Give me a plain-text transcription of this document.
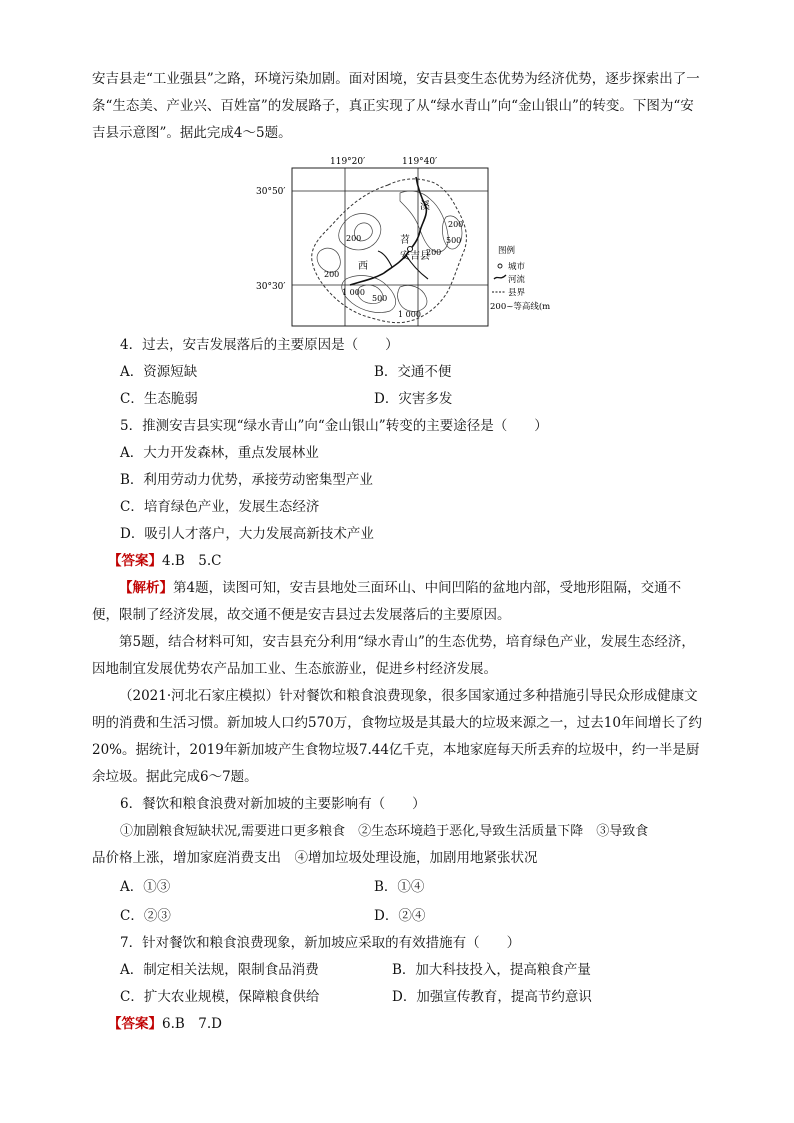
安吉县走“工业强县”之路，环境污染加剧。面对困境，安吉县变生态优势为经济优势，逐步探索出了一条“生态美、产业兴、百姓富”的发展路子，真正实现了从“绿水青山”向“金山银山”的转变。下图为“安吉县示意图”。据此完成4～5题。

119°20′	119°40′
30°50′
30°30′
溪
西
苕
安吉县
200
200
200
200
500
500
1 000
1 000
图例
城市
河流
县界
200~等高线(m)
4．过去，安吉发展落后的主要原因是（　　）
A．资源短缺	B．交通不便
C．生态脆弱	D．灾害多发
5．推测安吉县实现“绿水青山”向“金山银山”转变的主要途径是（　　）
A．大力开发森林，重点发展林业
B．利用劳动力优势，承接劳动密集型产业
C．培育绿色产业，发展生态经济
D．吸引人才落户，大力发展高新技术产业
【答案】4.B　5.C

【解析】第4题，读图可知，安吉县地处三面环山、中间凹陷的盆地内部，受地形阻隔，交通不便，限制了经济发展，故交通不便是安吉县过去发展落后的主要原因。

第5题，结合材料可知，安吉县充分利用“绿水青山”的生态优势，培育绿色产业，发展生态经济，因地制宜发展优势农产品加工业、生态旅游业，促进乡村经济发展。

（2021·河北石家庄模拟）针对餐饮和粮食浪费现象，很多国家通过多种措施引导民众形成健康文明的消费和生活习惯。新加坡人口约570万，食物垃圾是其最大的垃圾来源之一，过去10年间增长了约20%。据统计，2019年新加坡产生食物垃圾7.44亿千克，本地家庭每天所丢弃的垃圾中，约一半是厨余垃圾。据此完成6～7题。

6．餐饮和粮食浪费对新加坡的主要影响有（　　）
①加剧粮食短缺状况,需要进口更多粮食　②生态环境趋于恶化,导致生活质量下降　③导致食
品价格上涨，增加家庭消费支出　④增加垃圾处理设施，加剧用地紧张状况
A．①③	B．①④
C．②③	D．②④
7．针对餐饮和粮食浪费现象，新加坡应采取的有效措施有（　　）
A．制定相关法规，限制食品消费	B．加大科技投入，提高粮食产量
C．扩大农业规模，保障粮食供给	D．加强宣传教育，提高节约意识
【答案】6.B　7.D
